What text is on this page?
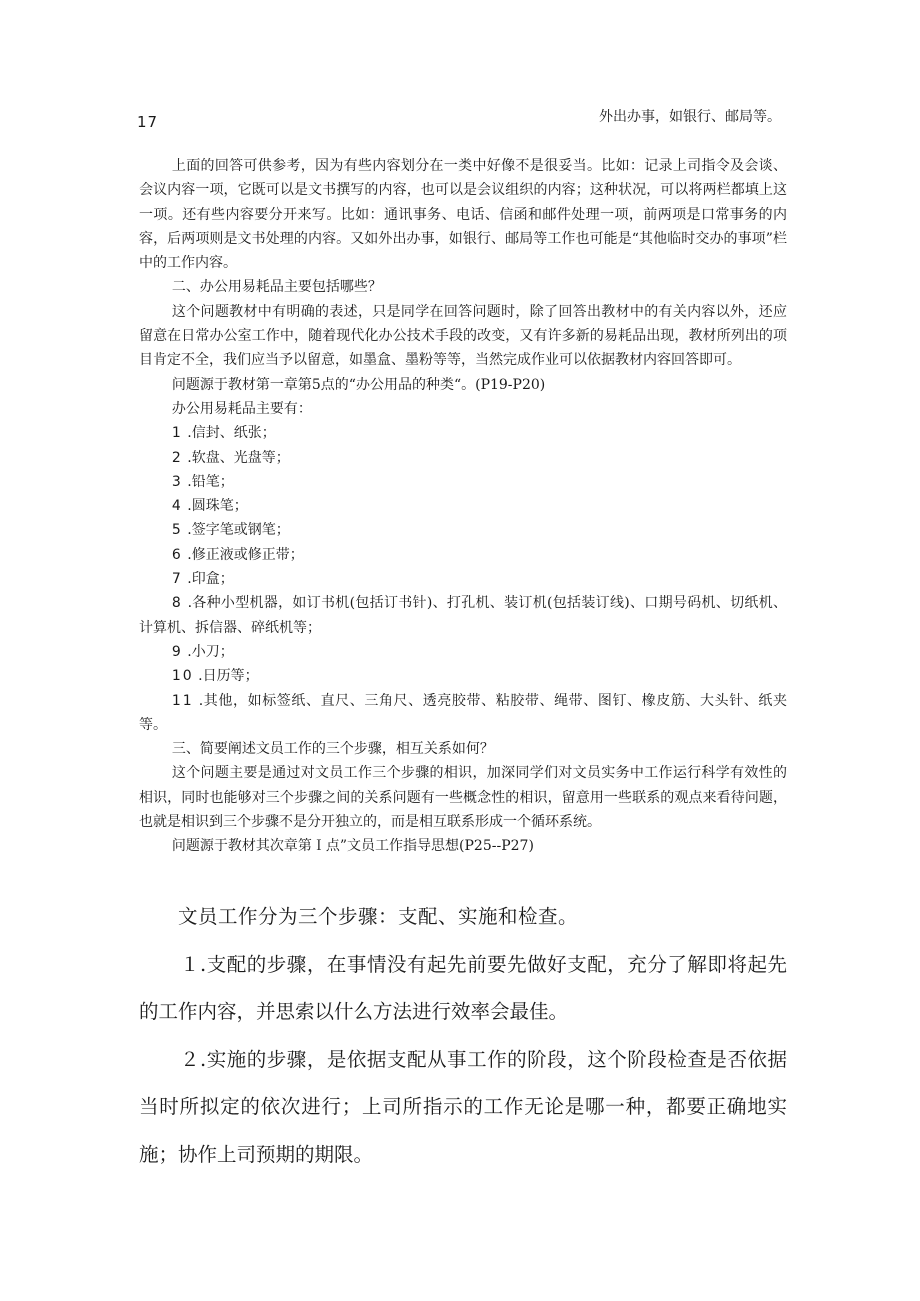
17	外出办事，如银行、邮局等。

上面的回答可供参考，因为有些内容划分在一类中好像不是很妥当。比如：记录上司指令及会谈、会议内容一项，它既可以是文书撰写的内容，也可以是会议组织的内容；这种状况，可以将两栏都填上这一项。还有些内容要分开来写。比如：通讯事务、电话、信函和邮件处理一项，前两项是口常事务的内容，后两项则是文书处理的内容。又如外出办事，如银行、邮局等工作也可能是“其他临时交办的事项”栏中的工作内容。

二、办公用易耗品主要包括哪些？

这个问题教材中有明确的表述，只是同学在回答问题时，除了回答出教材中的有关内容以外，还应留意在日常办公室工作中，随着现代化办公技术手段的改变，又有许多新的易耗品出现，教材所列出的项目肯定不全，我们应当予以留意，如墨盒、墨粉等等，当然完成作业可以依据教材内容回答即可。

问题源于教材第一章第5点的“办公用品的种类“。(P19-P20)

办公用易耗品主要有：

1 .信封、纸张；

2 .软盘、光盘等；

3 .铅笔；

4 .圆珠笔；

5 .签字笔或钢笔；

6 .修正液或修正带；

7 .印盒；

8 .各种小型机器，如订书机(包括订书针)、打孔机、装订机(包括装订线)、口期号码机、切纸机、计算机、拆信器、碎纸机等；

9 .小刀；

10 .日历等；

11 .其他，如标签纸、直尺、三角尺、透亮胶带、粘胶带、绳带、图钉、橡皮筋、大头针、纸夹等。

三、简要阐述文员工作的三个步骤，相互关系如何？

这个问题主要是通过对文员工作三个步骤的相识，加深同学们对文员实务中工作运行科学有效性的相识，同时也能够对三个步骤之间的关系问题有一些概念性的相识，留意用一些联系的观点来看待问题，也就是相识到三个步骤不是分开独立的，而是相互联系形成一个循环系统。

问题源于教材其次章第Ｉ点”文员工作指导思想(P25--P27)

文员工作分为三个步骤：支配、实施和检查。

１.支配的步骤，在事情没有起先前要先做好支配，充分了解即将起先的工作内容，并思索以什么方法进行效率会最佳。

２.实施的步骤，是依据支配从事工作的阶段，这个阶段检查是否依据当时所拟定的依次进行；上司所指示的工作无论是哪一种，都要正确地实施；协作上司预期的期限。
